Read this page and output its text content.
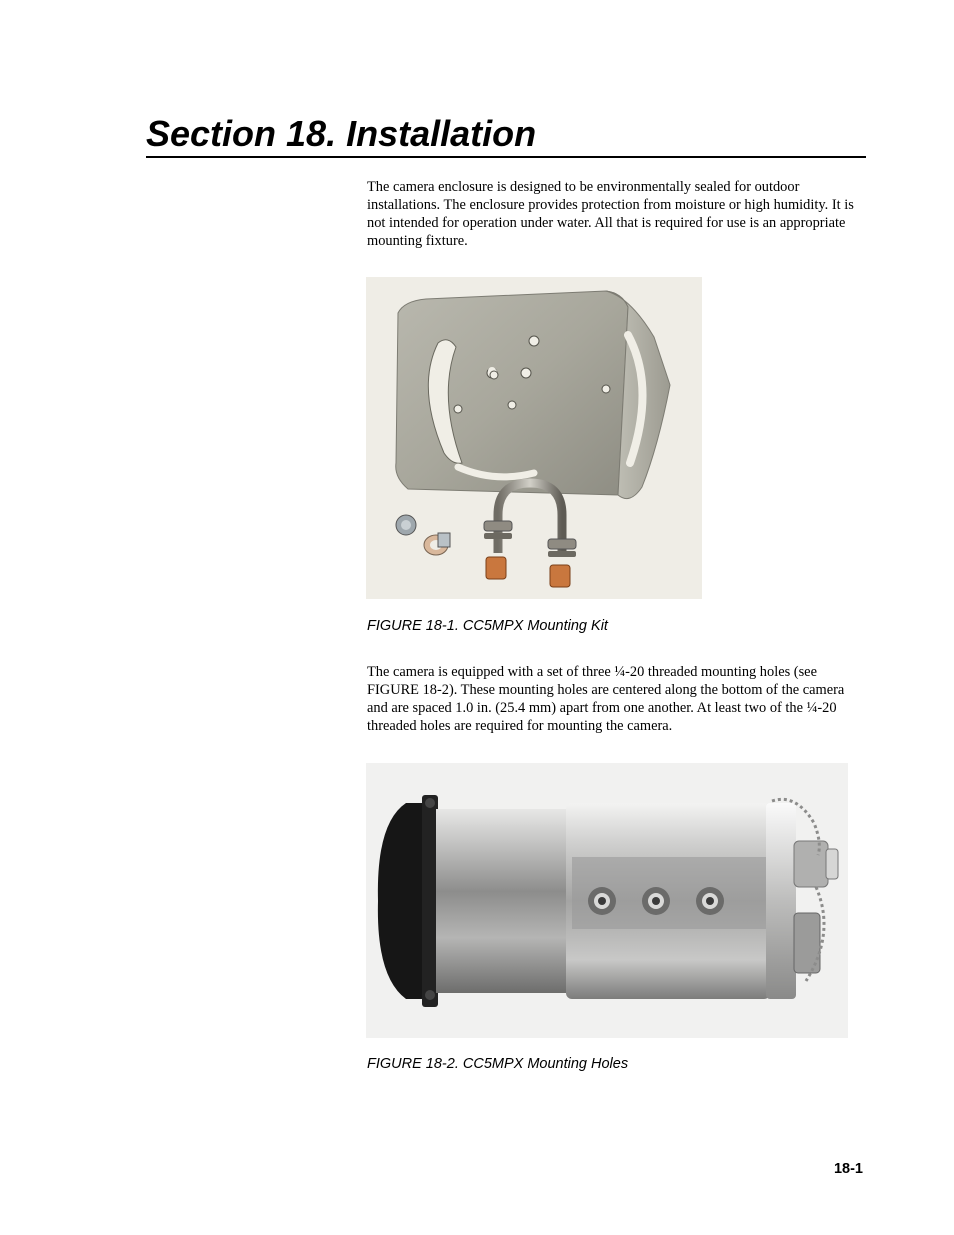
Section 18. Installation

The camera enclosure is designed to be environmentally sealed for outdoor installations. The enclosure provides protection from moisture or high humidity. It is not intended for operation under water. All that is required for use is an appropriate mounting fixture.

FIGURE 18-1. CC5MPX Mounting Kit

The camera is equipped with a set of three ¼-20 threaded mounting holes (see FIGURE 18-2). These mounting holes are centered along the bottom of the camera and are spaced 1.0 in. (25.4 mm) apart from one another. At least two of the ¼-20 threaded holes are required for mounting the camera.

FIGURE 18-2. CC5MPX Mounting Holes

18-1
